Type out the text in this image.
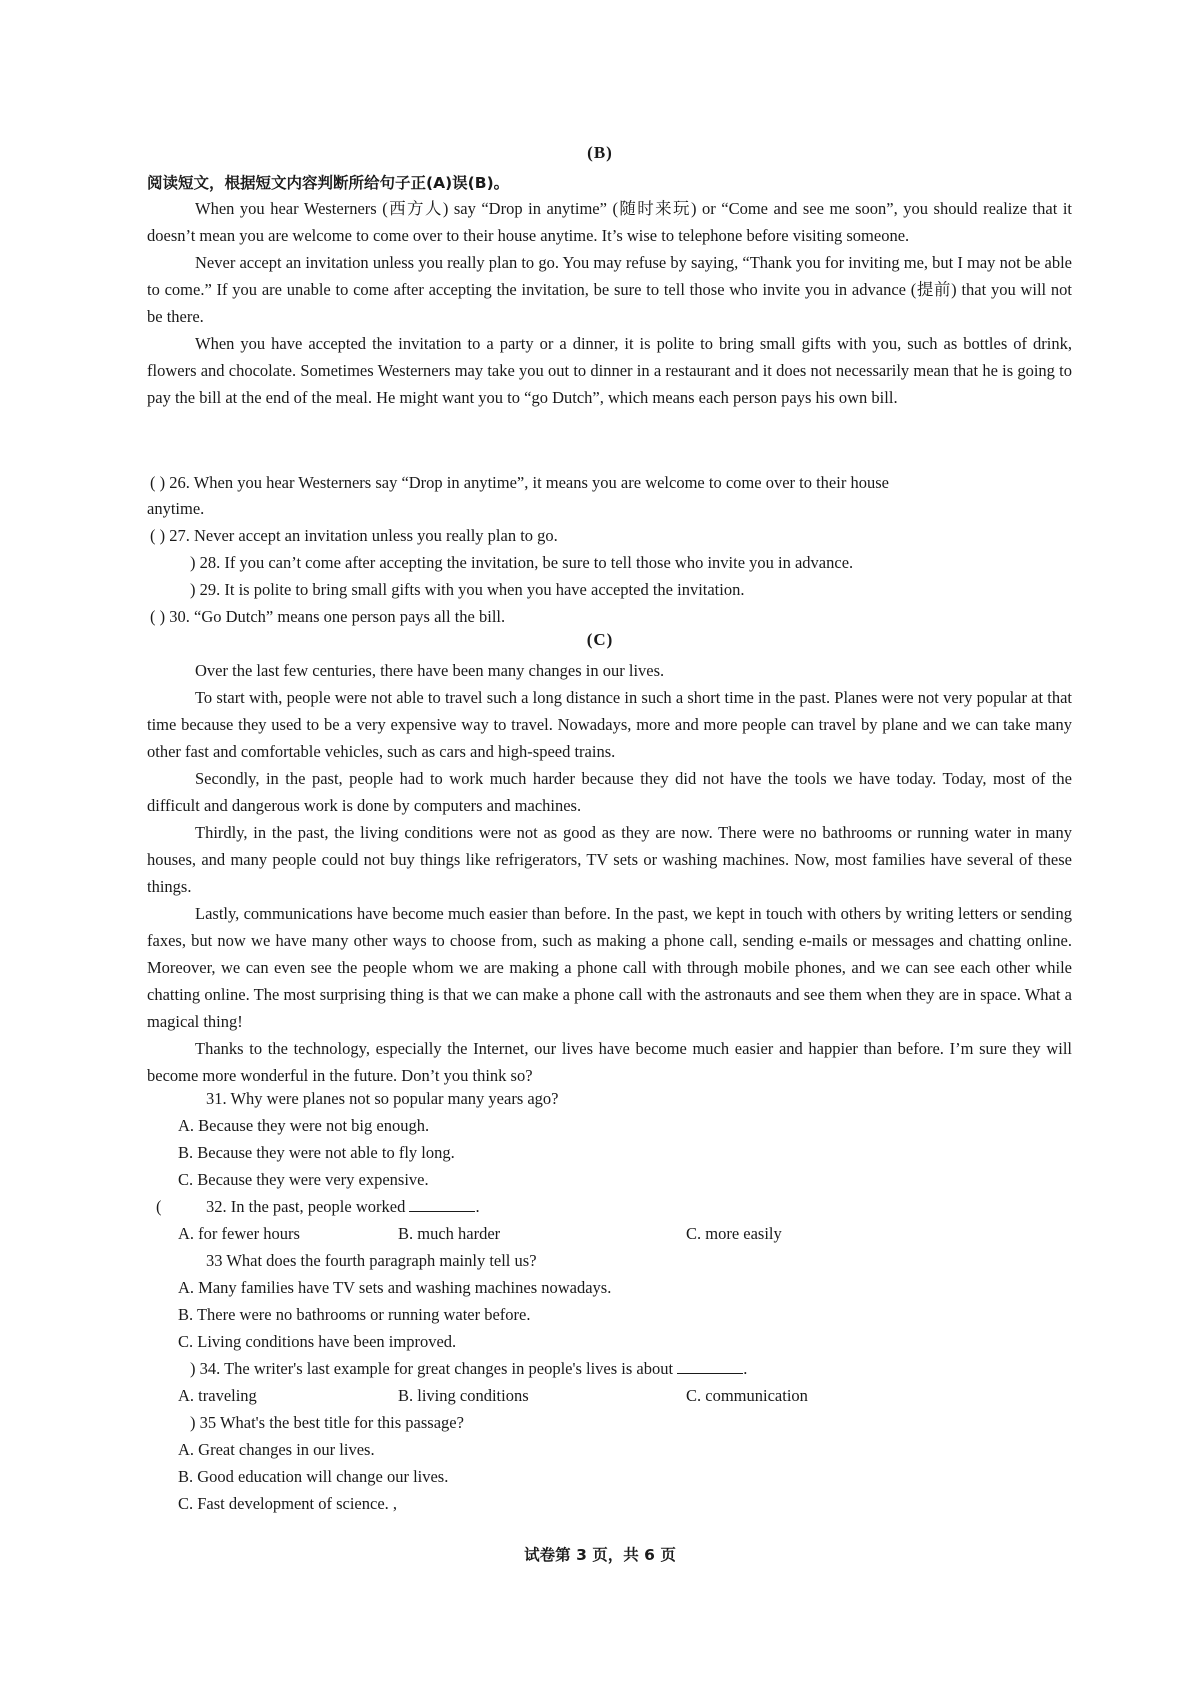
(B)
阅读短文，根据短文内容判断所给句子正(A)误(B)。

When you hear Westerners (西方人) say “Drop in anytime” (随时来玩) or “Come and see me soon”, you should realize that it doesn’t mean you are welcome to come over to their house anytime. It’s wise to telephone before visiting someone.

Never accept an invitation unless you really plan to go. You may refuse by saying, “Thank you for inviting me, but I may not be able to come.” If you are unable to come after accepting the invitation, be sure to tell those who invite you in advance (提前) that you will not be there.

When you have accepted the invitation to a party or a dinner, it is polite to bring small gifts with you, such as bottles of drink, flowers and chocolate. Sometimes Westerners may take you out to dinner in a restaurant and it does not necessarily mean that he is going to pay the bill at the end of the meal. He might want you to “go Dutch”, which means each person pays his own bill.

( ) 26. When you hear Westerners say “Drop in anytime”, it means you are welcome to come over to their house
anytime.
( ) 27. Never accept an invitation unless you really plan to go.
) 28. If you can’t come after accepting the invitation, be sure to tell those who invite you in advance.
) 29. It is polite to bring small gifts with you when you have accepted the invitation.
( ) 30. “Go Dutch” means one person pays all the bill.
(C)

Over the last few centuries, there have been many changes in our lives.

To start with, people were not able to travel such a long distance in such a short time in the past. Planes were not very popular at that time because they used to be a very expensive way to travel. Nowadays, more and more people can travel by plane and we can take many other fast and comfortable vehicles, such as cars and high-speed trains.

Secondly, in the past, people had to work much harder because they did not have the tools we have today. Today, most of the difficult and dangerous work is done by computers and machines.

Thirdly, in the past, the living conditions were not as good as they are now. There were no bathrooms or running water in many houses, and many people could not buy things like refrigerators, TV sets or washing machines. Now, most families have several of these things.

Lastly, communications have become much easier than before. In the past, we kept in touch with others by writing letters or sending faxes, but now we have many other ways to choose from, such as making a phone call, sending e-mails or messages and chatting online. Moreover, we can even see the people whom we are making a phone call with through mobile phones, and we can see each other while chatting online. The most surprising thing is that we can make a phone call with the astronauts and see them when they are in space. What a magical thing!

Thanks to the technology, especially the Internet, our lives have become much easier and happier than before. I’m sure they will become more wonderful in the future. Don’t you think so?

31. Why were planes not so popular many years ago?
A. Because they were not big enough.
B. Because they were not able to fly long.
C. Because they were very expensive.
(	32. In the past, people worked	.
A. for fewer hours	B. much harder	C. more easily
33 What does the fourth paragraph mainly tell us?
A. Many families have TV sets and washing machines nowadays.
B. There were no bathrooms or running water before.
C. Living conditions have been improved.
) 34. The writer's last example for great changes in people's lives is about	.
A. traveling	B. living conditions	C. communication
) 35 What's the best title for this passage?
A. Great changes in our lives.
B. Good education will change our lives.
C. Fast development of science. ,
试卷第 3 页，共 6 页
